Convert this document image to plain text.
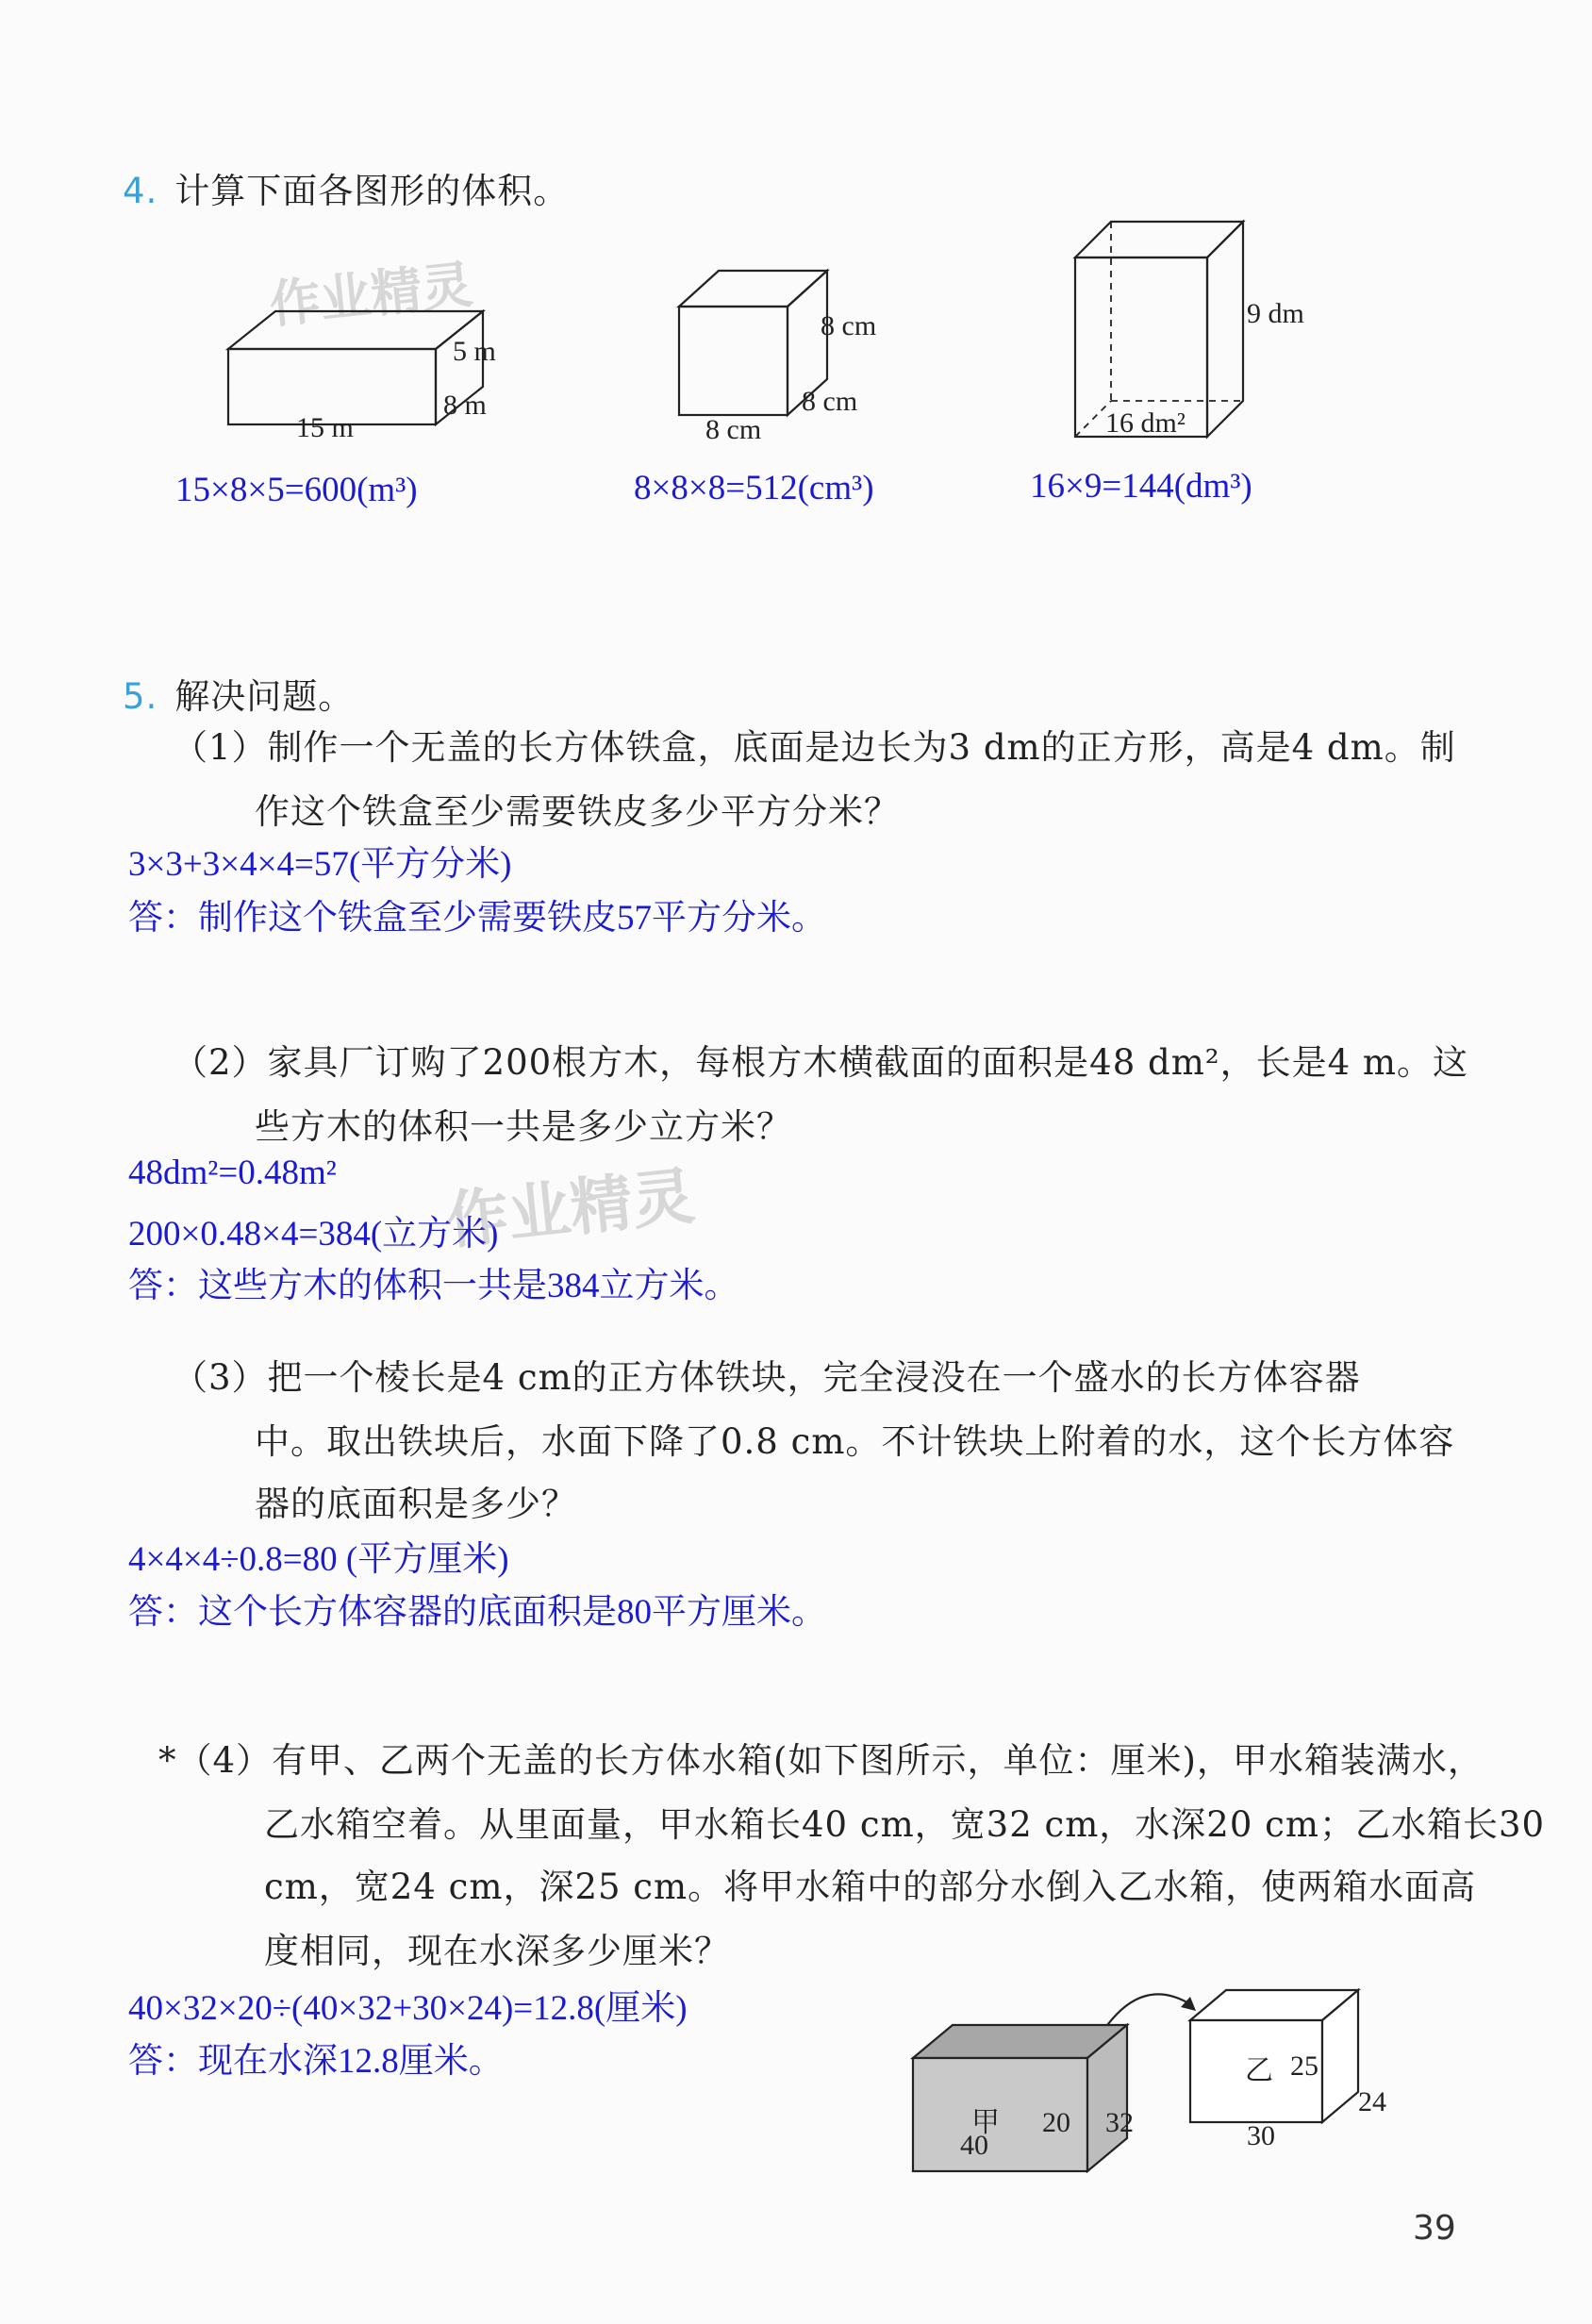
4. 计算下面各图形的体积。
作业精灵
5 m
8 m
15 m
15×8×5=600(m³)
8 cm
8 cm
8 cm
8×8×8=512(cm³)
9 dm
16 dm²
16×9=144(dm³)
5. 解决问题。
（1）制作一个无盖的长方体铁盒，底面是边长为3 dm的正方形，高是4 dm。制
作这个铁盒至少需要铁皮多少平方分米？
3×3+3×4×4=57(平方分米)
答：制作这个铁盒至少需要铁皮57平方分米。
（2）家具厂订购了200根方木，每根方木横截面的面积是48 dm²，长是4 m。这
些方木的体积一共是多少立方米？
48dm²=0.48m²
200×0.48×4=384(立方米)
作业精灵
答：这些方木的体积一共是384立方米。
（3）把一个棱长是4 cm的正方体铁块，完全浸没在一个盛水的长方体容器
中。取出铁块后，水面下降了0.8 cm。不计铁块上附着的水，这个长方体容
器的底面积是多少？
4×4×4÷0.8=80 (平方厘米)
答：这个长方体容器的底面积是80平方厘米。
*（4）有甲、乙两个无盖的长方体水箱(如下图所示，单位：厘米)，甲水箱装满水，
乙水箱空着。从里面量，甲水箱长40 cm，宽32 cm，水深20 cm；乙水箱长30
cm，宽24 cm，深25 cm。将甲水箱中的部分水倒入乙水箱，使两箱水面高
度相同，现在水深多少厘米？
40×32×20÷(40×32+30×24)=12.8(厘米)
答：现在水深12.8厘米。
甲 20 32
40
乙 25
24
30
39
